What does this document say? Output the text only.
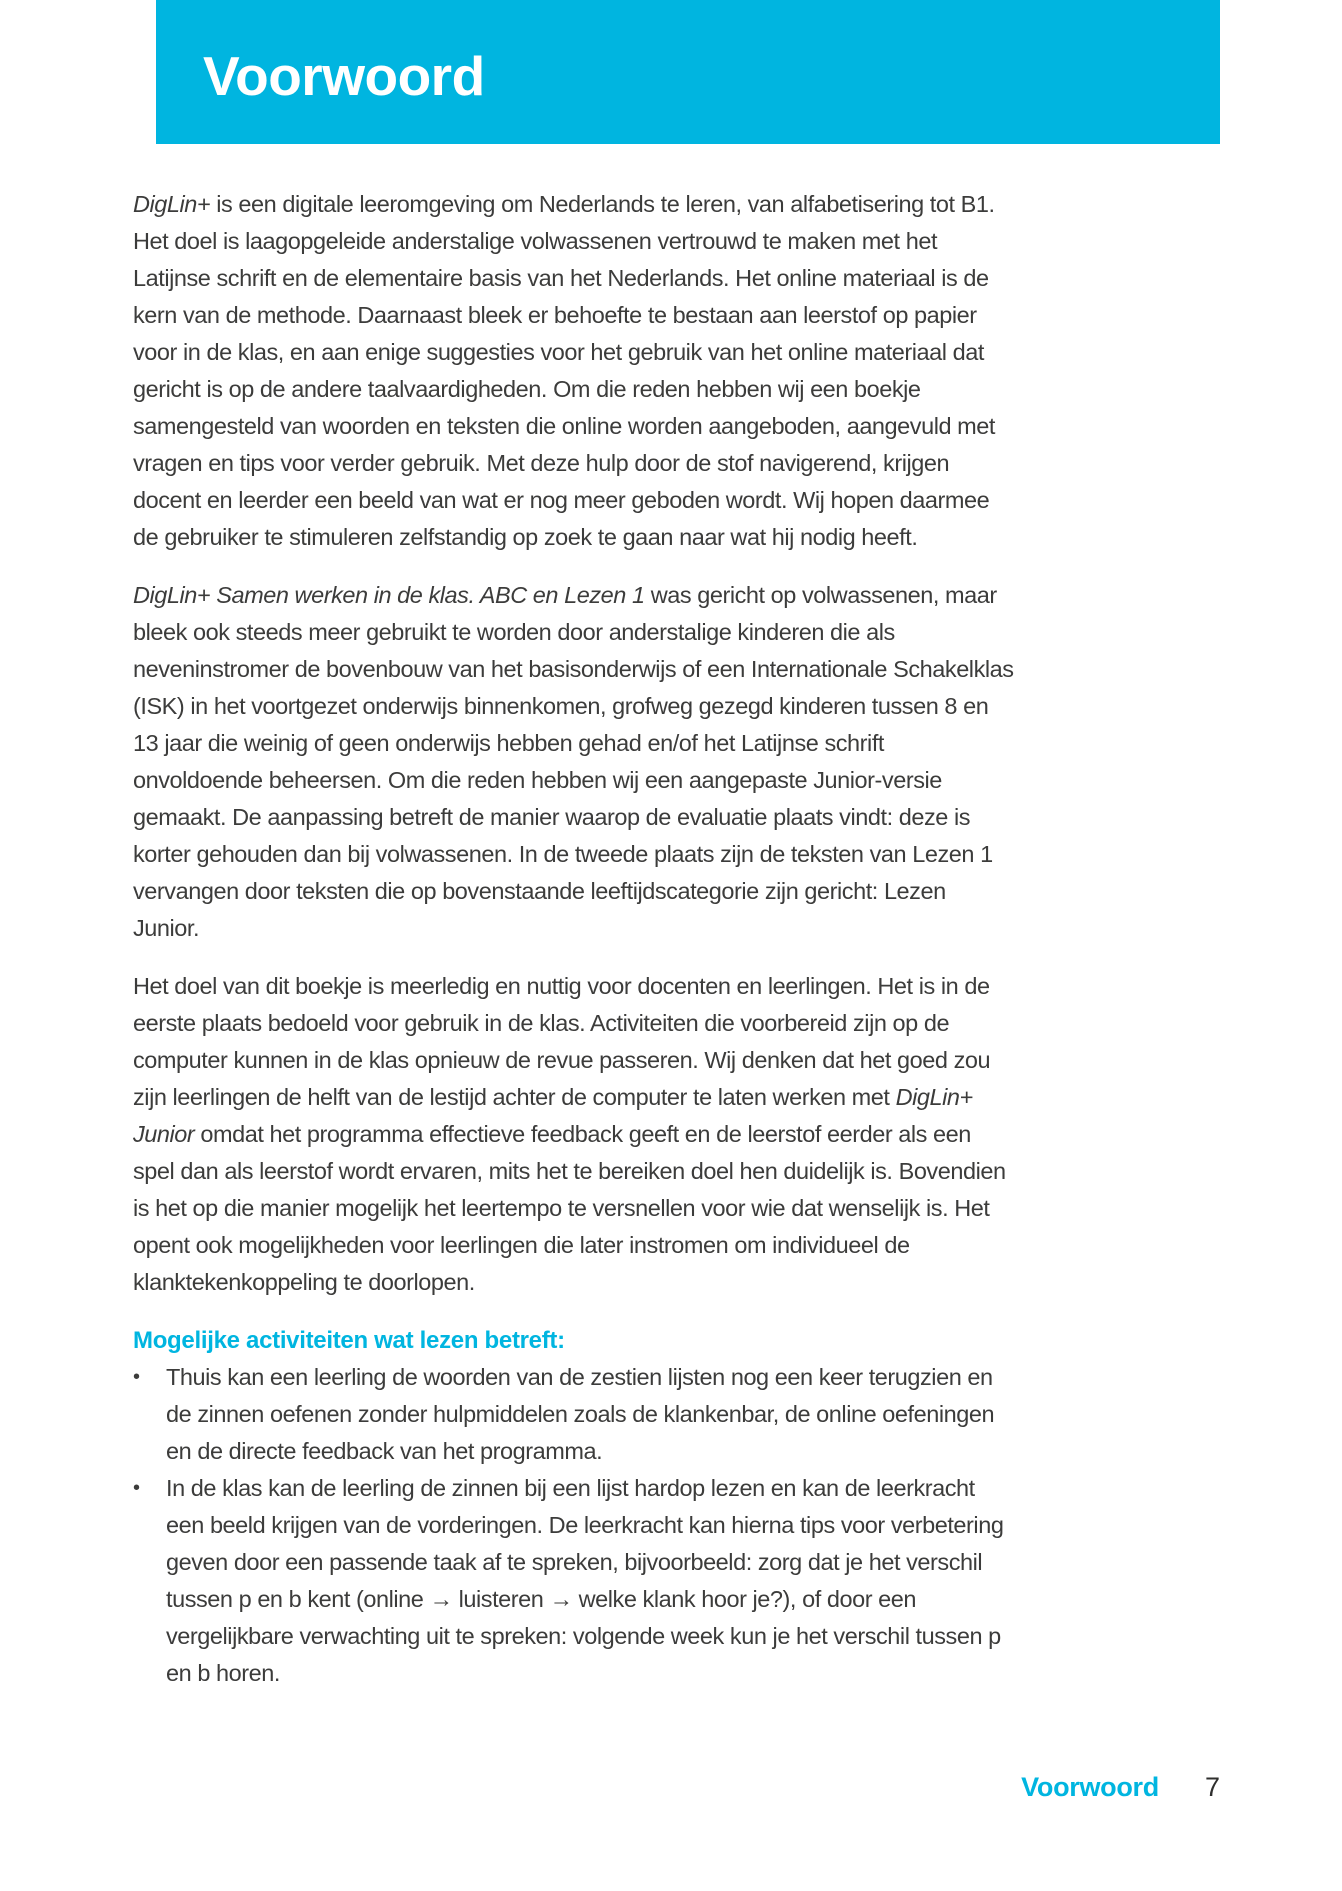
Voorwoord

DigLin+ is een digitale leeromgeving om Nederlands te leren, van alfabetisering tot B1. Het doel is laagopgeleide anderstalige volwassenen vertrouwd te maken met het Latijnse schrift en de elementaire basis van het Nederlands. Het online materiaal is de kern van de methode. Daarnaast bleek er behoefte te bestaan aan leerstof op papier voor in de klas, en aan enige suggesties voor het gebruik van het online materiaal dat gericht is op de andere taalvaardigheden. Om die reden hebben wij een boekje samengesteld van woorden en teksten die online worden aangeboden, aangevuld met vragen en tips voor verder gebruik. Met deze hulp door de stof navigerend, krijgen docent en leerder een beeld van wat er nog meer geboden wordt. Wij hopen daarmee de gebruiker te stimuleren zelfstandig op zoek te gaan naar wat hij nodig heeft.

DigLin+ Samen werken in de klas. ABC en Lezen 1 was gericht op volwassenen, maar bleek ook steeds meer gebruikt te worden door anderstalige kinderen die als neveninstromer de bovenbouw van het basisonderwijs of een Internationale Schakelklas (ISK) in het voortgezet onderwijs binnenkomen, grofweg gezegd kinderen tussen 8 en 13 jaar die weinig of geen onderwijs hebben gehad en/of het Latijnse schrift onvoldoende beheersen. Om die reden hebben wij een aangepaste Junior-versie gemaakt. De aanpassing betreft de manier waarop de evaluatie plaats vindt: deze is korter gehouden dan bij volwassenen. In de tweede plaats zijn de teksten van Lezen 1 vervangen door teksten die op bovenstaande leeftijdscategorie zijn gericht: Lezen Junior.

Het doel van dit boekje is meerledig en nuttig voor docenten en leerlingen. Het is in de eerste plaats bedoeld voor gebruik in de klas. Activiteiten die voorbereid zijn op de computer kunnen in de klas opnieuw de revue passeren. Wij denken dat het goed zou zijn leerlingen de helft van de lestijd achter de computer te laten werken met DigLin+ Junior omdat het programma effectieve feedback geeft en de leerstof eerder als een spel dan als leerstof wordt ervaren, mits het te bereiken doel hen duidelijk is. Bovendien is het op die manier mogelijk het leertempo te versnellen voor wie dat wenselijk is. Het opent ook mogelijkheden voor leerlingen die later instromen om individueel de klanktekenkoppeling te doorlopen.

Mogelijke activiteiten wat lezen betreft:
•	Thuis kan een leerling de woorden van de zestien lijsten nog een keer terugzien en de zinnen oefenen zonder hulpmiddelen zoals de klankenbar, de online oefeningen en de directe feedback van het programma.
•	In de klas kan de leerling de zinnen bij een lijst hardop lezen en kan de leerkracht een beeld krijgen van de vorderingen. De leerkracht kan hierna tips voor verbetering geven door een passende taak af te spreken, bijvoorbeeld: zorg dat je het verschil tussen p en b kent (online → luisteren → welke klank hoor je?), of door een vergelijkbare verwachting uit te spreken: volgende week kun je het verschil tussen p en b horen.
Voorwoord 7
